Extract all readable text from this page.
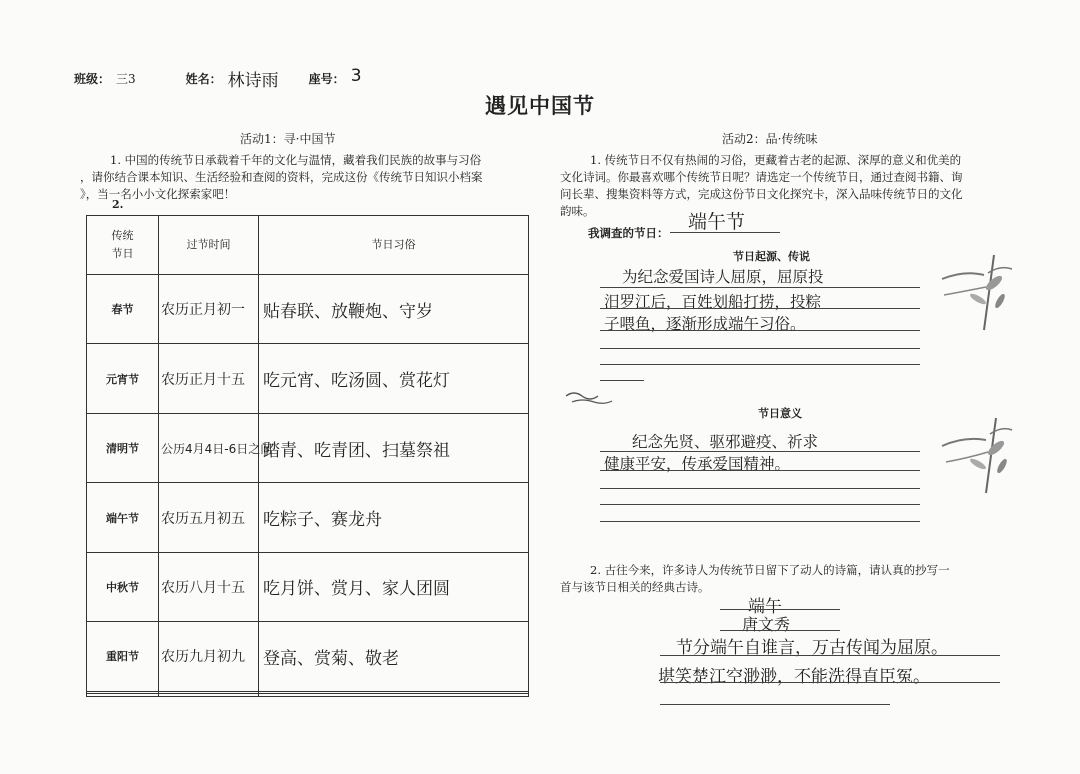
班级： 三3	姓名： 林诗雨	座号： 3
遇见中国节
活动1：寻·中国节
1. 中国的传统节日承载着千年的文化与温情，藏着我们民族的故事与习俗
，请你结合课本知识、生活经验和查阅的资料，完成这份《传统节日知识小档案
》，当一名小小文化探索家吧！
2.
传统
节日	过节时间	节日习俗
春节	农历正月初一	贴春联、放鞭炮、守岁
元宵节	农历正月十五	吃元宵、吃汤圆、赏花灯
清明节	公历4月4日-6日之间	踏青、吃青团、扫墓祭祖
端午节	农历五月初五	吃粽子、赛龙舟
中秋节	农历八月十五	吃月饼、赏月、家人团圆
重阳节	农历九月初九	登高、赏菊、敬老

活动2：品·传统味
1. 传统节日不仅有热闹的习俗，更藏着古老的起源、深厚的意义和优美的
文化诗词。你最喜欢哪个传统节日呢？请选定一个传统节日，通过查阅书籍、询
问长辈、搜集资料等方式，完成这份节日文化探究卡，深入品味传统节日的文化
韵味。
我调查的节日： 端午节
节日起源、传说
为纪念爱国诗人屈原，屈原投
汨罗江后，百姓划船打捞，投粽
子喂鱼，逐渐形成端午习俗。
节日意义
纪念先贤、驱邪避疫、祈求
健康平安，传承爱国精神。
2. 古往今来，许多诗人为传统节日留下了动人的诗篇，请认真的抄写一
首与该节日相关的经典古诗。
端午
唐文秀
节分端午自谁言，万古传闻为屈原。
堪笑楚江空渺渺，不能洗得直臣冤。
